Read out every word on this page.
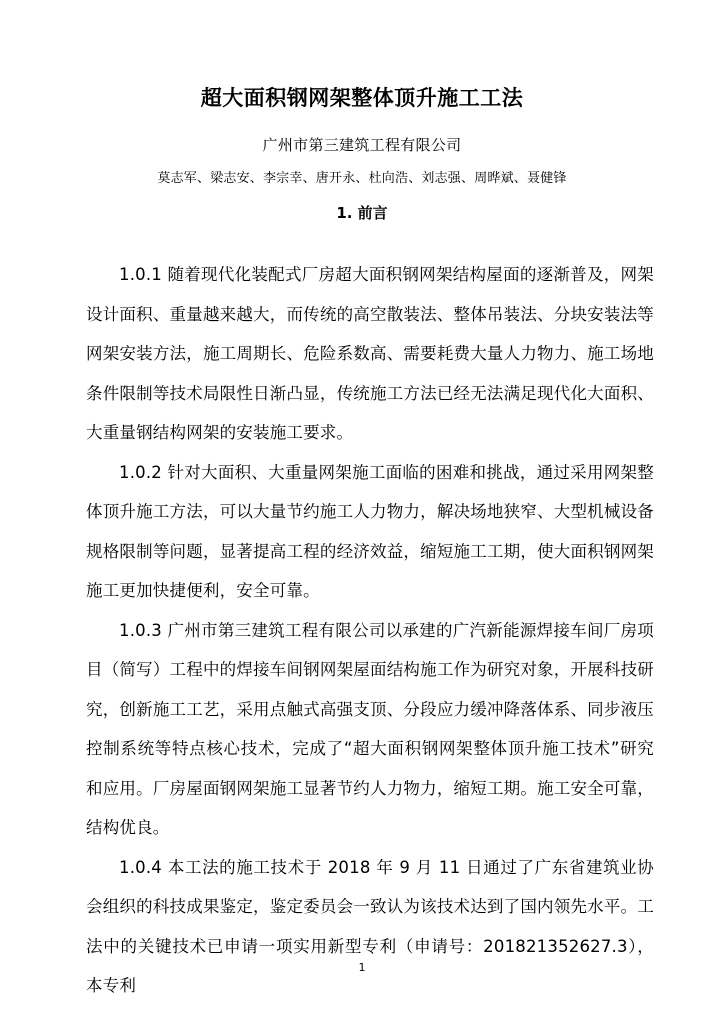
超大面积钢网架整体顶升施工工法
广州市第三建筑工程有限公司
莫志军、梁志安、李宗幸、唐开永、杜向浩、刘志强、周晔斌、聂健锋
1. 前言

1.0.1 随着现代化装配式厂房超大面积钢网架结构屋面的逐渐普及，网架设计面积、重量越来越大，而传统的高空散装法、整体吊装法、分块安装法等网架安装方法，施工周期长、危险系数高、需要耗费大量人力物力、施工场地条件限制等技术局限性日渐凸显，传统施工方法已经无法满足现代化大面积、大重量钢结构网架的安装施工要求。

1.0.2 针对大面积、大重量网架施工面临的困难和挑战，通过采用网架整体顶升施工方法，可以大量节约施工人力物力，解决场地狭窄、大型机械设备规格限制等问题，显著提高工程的经济效益，缩短施工工期，使大面积钢网架施工更加快捷便利，安全可靠。

1.0.3 广州市第三建筑工程有限公司以承建的广汽新能源焊接车间厂房项目（简写）工程中的焊接车间钢网架屋面结构施工作为研究对象，开展科技研究，创新施工工艺，采用点触式高强支顶、分段应力缓冲降落体系、同步液压控制系统等特点核心技术，完成了“超大面积钢网架整体顶升施工技术”研究和应用。厂房屋面钢网架施工显著节约人力物力，缩短工期。施工安全可靠，结构优良。

1.0.4 本工法的施工技术于 2018 年 9 月 11 日通过了广东省建筑业协会组织的科技成果鉴定，鉴定委员会一致认为该技术达到了国内领先水平。工法中的关键技术已申请一项实用新型专利（申请号：201821352627.3），本专利

1
